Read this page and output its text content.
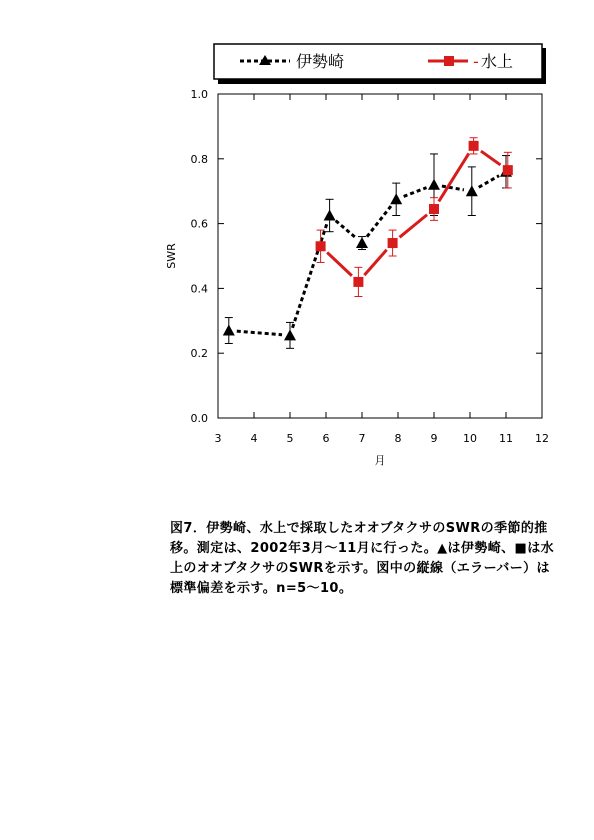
伊勢崎	- 水上
3	4	5	6	7	8	9 10 11 12
0.0
0.2
0.4
0.6
0.8
1.0
SWR
月

図7．伊勢崎、水上で採取したオオブタクサのSWRの季節的推移。測定は、2002年3月～11月に行った。▲は伊勢崎、■は水上のオオブタクサのSWRを示す。図中の縦線（エラーバー）は標準偏差を示す。n=5～10。
